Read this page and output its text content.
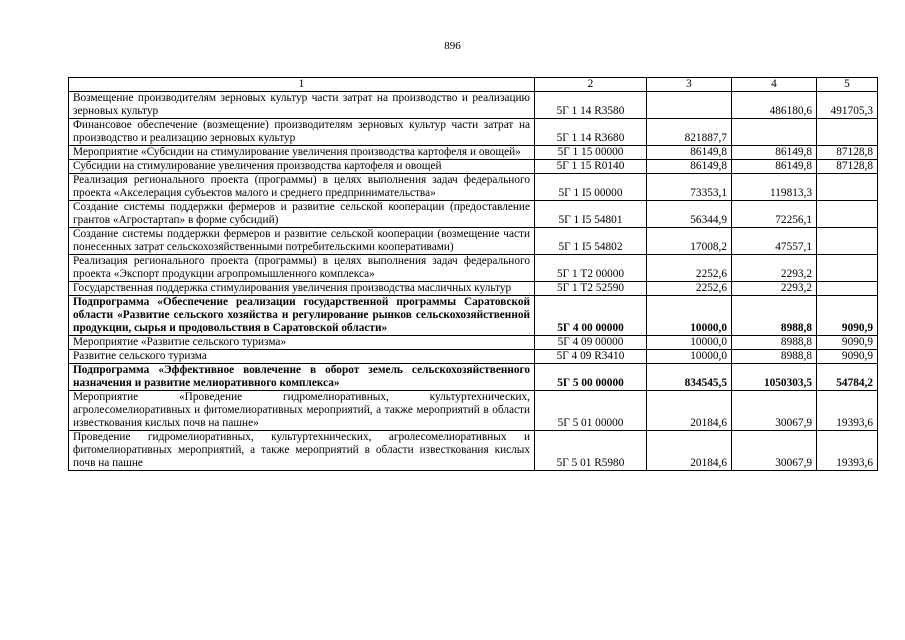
896
1	2	3	4	5
Возмещение производителям зерновых культур части затрат на производство и реализацию зерновых культур	5Г 1 14 R3580		486180,6	491705,3
Финансовое обеспечение (возмещение) производителям зерновых культур части затрат на производство и реализацию зерновых культур	5Г 1 14 R3680	821887,7		
Мероприятие «Субсидии на стимулирование увеличения производства картофеля и овощей»	5Г 1 15 00000	86149,8	86149,8	87128,8
Субсидии на стимулирование увеличения производства картофеля и овощей	5Г 1 15 R0140	86149,8	86149,8	87128,8
Реализация регионального проекта (программы) в целях выполнения задач федерального проекта «Акселерация субъектов малого и среднего предпринимательства»	5Г 1 I5 00000	73353,1	119813,3	
Создание системы поддержки фермеров и развитие сельской кооперации (предоставление грантов «Агростартап» в форме субсидий)	5Г 1 I5 54801	56344,9	72256,1	
Создание системы поддержки фермеров и развитие сельской кооперации (возмещение части понесенных затрат сельскохозяйственными потребительскими кооперативами)	5Г 1 I5 54802	17008,2	47557,1	
Реализация регионального проекта (программы) в целях выполнения задач федерального проекта «Экспорт продукции агропромышленного комплекса»	5Г 1 T2 00000	2252,6	2293,2	
Государственная поддержка стимулирования увеличения производства масличных культур	5Г 1 T2 52590	2252,6	2293,2	
Подпрограмма «Обеспечение реализации государственной программы Саратовской области «Развитие сельского хозяйства и регулирование рынков сельскохозяйственной продукции, сырья и продовольствия в Саратовской области»	5Г 4 00 00000	10000,0	8988,8	9090,9
Мероприятие «Развитие сельского туризма»	5Г 4 09 00000	10000,0	8988,8	9090,9
Развитие сельского туризма	5Г 4 09 R3410	10000,0	8988,8	9090,9
Подпрограмма «Эффективное вовлечение в оборот земель сельскохозяйственного назначения и развитие мелиоративного комплекса»	5Г 5 00 00000	834545,5	1050303,5	54784,2
Мероприятие «Проведение гидромелиоративных, культуртехнических, агролесомелиоративных и фитомелиоративных мероприятий, а также мероприятий в области известкования кислых почв на пашне»	5Г 5 01 00000	20184,6	30067,9	19393,6
Проведение гидромелиоративных, культуртехнических, агролесомелиоративных и фитомелиоративных мероприятий, а также мероприятий в области известкования кислых почв на пашне	5Г 5 01 R5980	20184,6	30067,9	19393,6
